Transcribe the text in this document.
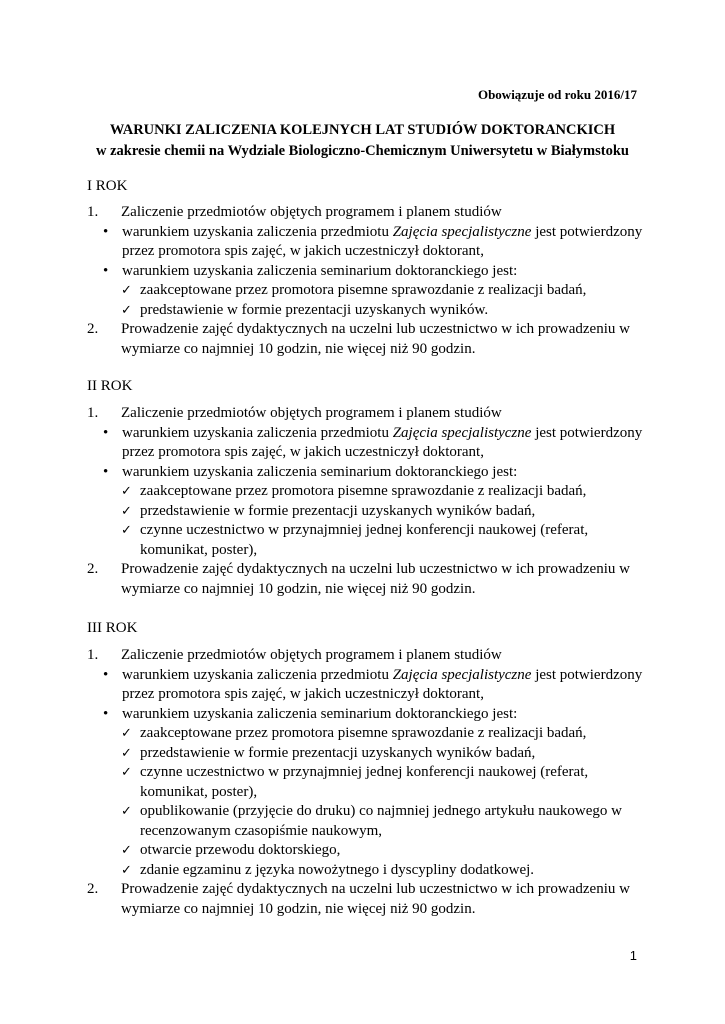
Obowiązuje od roku 2016/17
WARUNKI ZALICZENIA KOLEJNYCH LAT STUDIÓW DOKTORANCKICH
w zakresie chemii na Wydziale Biologiczno-Chemicznym Uniwersytetu w Białymstoku
I ROK
1. Zaliczenie przedmiotów objętych programem i planem studiów
• warunkiem uzyskania zaliczenia przedmiotu Zajęcia specjalistyczne jest potwierdzony
przez promotora spis zajęć, w jakich uczestniczył doktorant,
• warunkiem uzyskania zaliczenia seminarium doktoranckiego jest:
✓ zaakceptowane przez promotora pisemne sprawozdanie z realizacji badań,
✓ predstawienie w formie prezentacji uzyskanych wyników.
2. Prowadzenie zajęć dydaktycznych na uczelni lub uczestnictwo w ich prowadzeniu w
wymiarze co najmniej 10 godzin, nie więcej niż 90 godzin.
II ROK
1. Zaliczenie przedmiotów objętych programem i planem studiów
• warunkiem uzyskania zaliczenia przedmiotu Zajęcia specjalistyczne jest potwierdzony
przez promotora spis zajęć, w jakich uczestniczył doktorant,
• warunkiem uzyskania zaliczenia seminarium doktoranckiego jest:
✓ zaakceptowane przez promotora pisemne sprawozdanie z realizacji badań,
✓ przedstawienie w formie prezentacji uzyskanych wyników badań,
✓ czynne uczestnictwo w przynajmniej jednej konferencji naukowej (referat,
komunikat, poster),
2. Prowadzenie zajęć dydaktycznych na uczelni lub uczestnictwo w ich prowadzeniu w
wymiarze co najmniej 10 godzin, nie więcej niż 90 godzin.
III ROK
1. Zaliczenie przedmiotów objętych programem i planem studiów
• warunkiem uzyskania zaliczenia przedmiotu Zajęcia specjalistyczne jest potwierdzony
przez promotora spis zajęć, w jakich uczestniczył doktorant,
• warunkiem uzyskania zaliczenia seminarium doktoranckiego jest:
✓ zaakceptowane przez promotora pisemne sprawozdanie z realizacji badań,
✓ przedstawienie w formie prezentacji uzyskanych wyników badań,
✓ czynne uczestnictwo w przynajmniej jednej konferencji naukowej (referat,
komunikat, poster),
✓ opublikowanie (przyjęcie do druku) co najmniej jednego artykułu naukowego w
recenzowanym czasopiśmie naukowym,
✓ otwarcie przewodu doktorskiego,
✓ zdanie egzaminu z języka nowożytnego i dyscypliny dodatkowej.
2. Prowadzenie zajęć dydaktycznych na uczelni lub uczestnictwo w ich prowadzeniu w
wymiarze co najmniej 10 godzin, nie więcej niż 90 godzin.
1
